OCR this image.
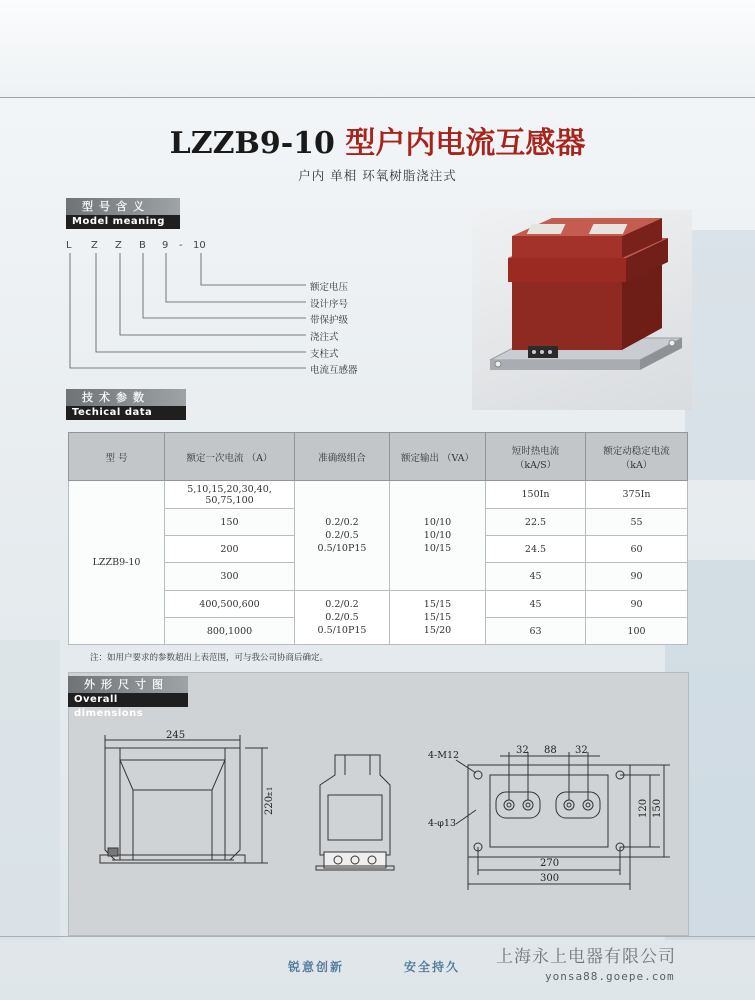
LZZB9-10 型户内电流互感器
户内 单相 环氧树脂浇注式
型号含义
Model meaning
L Z Z B 9 - 10
额定电压
设计序号
带保护级
浇注式
支柱式
电流互感器
技术参数
Techical data
型 号	额定一次电流 （A）	准确级组合	额定输出 （VA）	短时热电流
（kA/S）	额定动稳定电流
（kA）
LZZB9-10	5,10,15,20,30,40,
50,75,100	0.2/0.2
0.2/0.5
0.5/10P15	10/10
10/10
10/15	150In	375In
	150			22.5	55
	200			24.5	60
	300			45	90
	400,500,600	0.2/0.2
0.2/0.5
0.5/10P15	15/15
15/15
15/20	45	90
	800,1000			63	100
注：如用户要求的参数超出上表范围，可与我公司协商后确定。
外形尺寸图
Overall dimensions
245
220
±1
32 88 32
120 150
270
300
4-M12
4-φ13
锐意创新	安全持久 上海永上电器有限公司
yonsa88.goepe.com
